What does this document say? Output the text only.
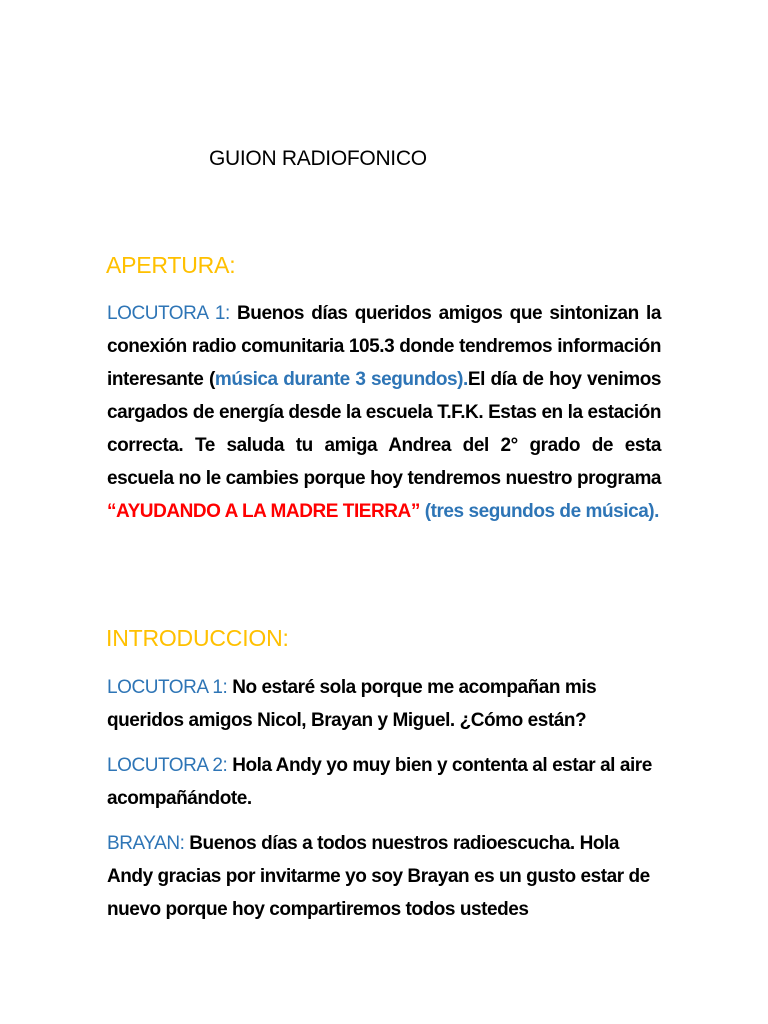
GUION RADIOFONICO
APERTURA:

LOCUTORA 1: Buenos días queridos amigos que sintonizan la conexión radio comunitaria 105.3 donde tendremos información interesante (música durante 3 segundos).El día de hoy venimos cargados de energía desde la escuela T.F.K. Estas en la estación correcta. Te saluda tu amiga Andrea del 2° grado de esta escuela no le cambies porque hoy tendremos nuestro programa “AYUDANDO A LA MADRE TIERRA” (tres segundos de música).

INTRODUCCION:

LOCUTORA 1: No estaré sola porque me acompañan mis queridos amigos Nicol, Brayan y Miguel. ¿Cómo están?

LOCUTORA 2: Hola Andy yo muy bien y contenta al estar al aire acompañándote.

BRAYAN: Buenos días a todos nuestros radioescucha. Hola Andy gracias por invitarme yo soy Brayan es un gusto estar de nuevo porque hoy compartiremos todos ustedes
